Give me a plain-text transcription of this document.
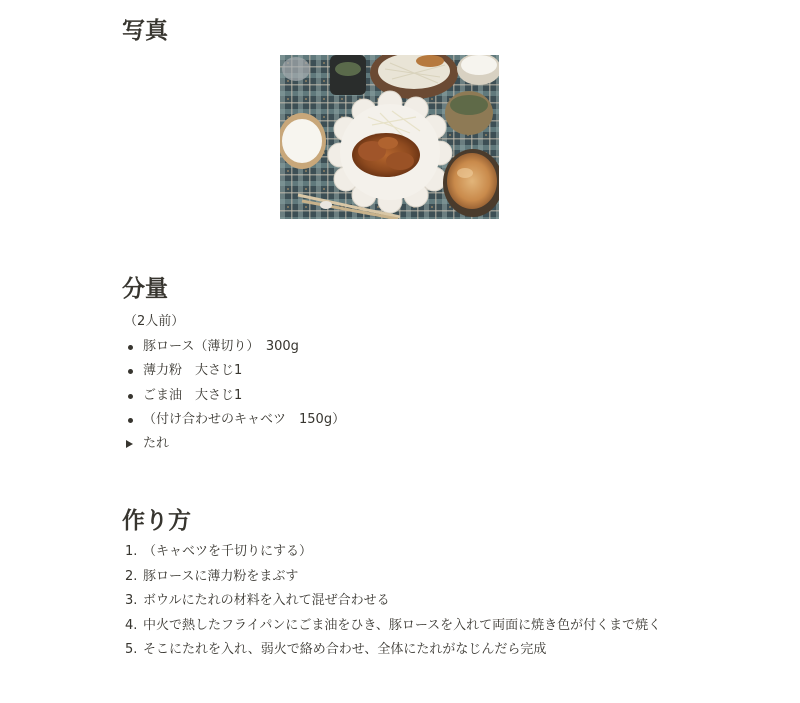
写真
分量
（2人前）
豚ロース（薄切り）　300g
薄力粉　大さじ1
ごま油　大さじ1
（付け合わせのキャベツ　150g）
たれ
作り方
1. （キャベツを千切りにする）
2. 豚ロースに薄力粉をまぶす
3. ボウルにたれの材料を入れて混ぜ合わせる
4. 中火で熱したフライパンにごま油をひき、豚ロースを入れて両面に焼き色が付くまで焼く
5. そこにたれを入れ、弱火で絡め合わせ、全体にたれがなじんだら完成
